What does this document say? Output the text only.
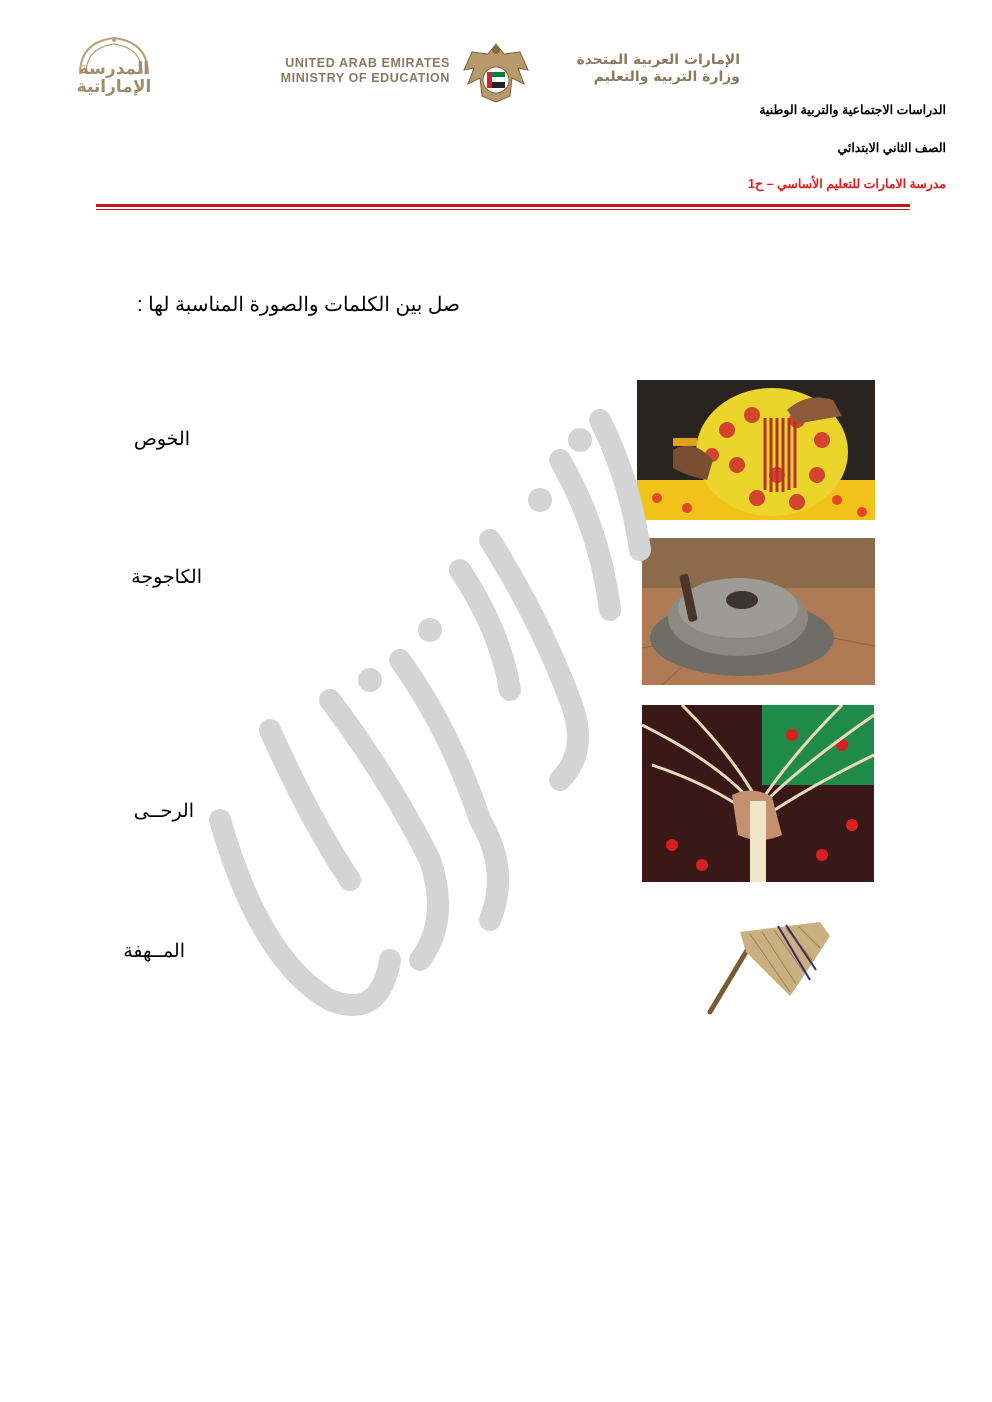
المدرسة
الإماراتية
UNITED ARAB EMIRATES
MINISTRY OF EDUCATION
الإمارات العربية المتحدة
وزارة التربية والتعليم
الدراسات الاجتماعية والتربية الوطنية
الصف الثاني الابتدائي
مدرسة الامارات للتعليم الأساسي – ح1
صل بين الكلمات والصورة المناسبة لها :
الخوص
الكاجوجة
الرحــى
المــهفة
